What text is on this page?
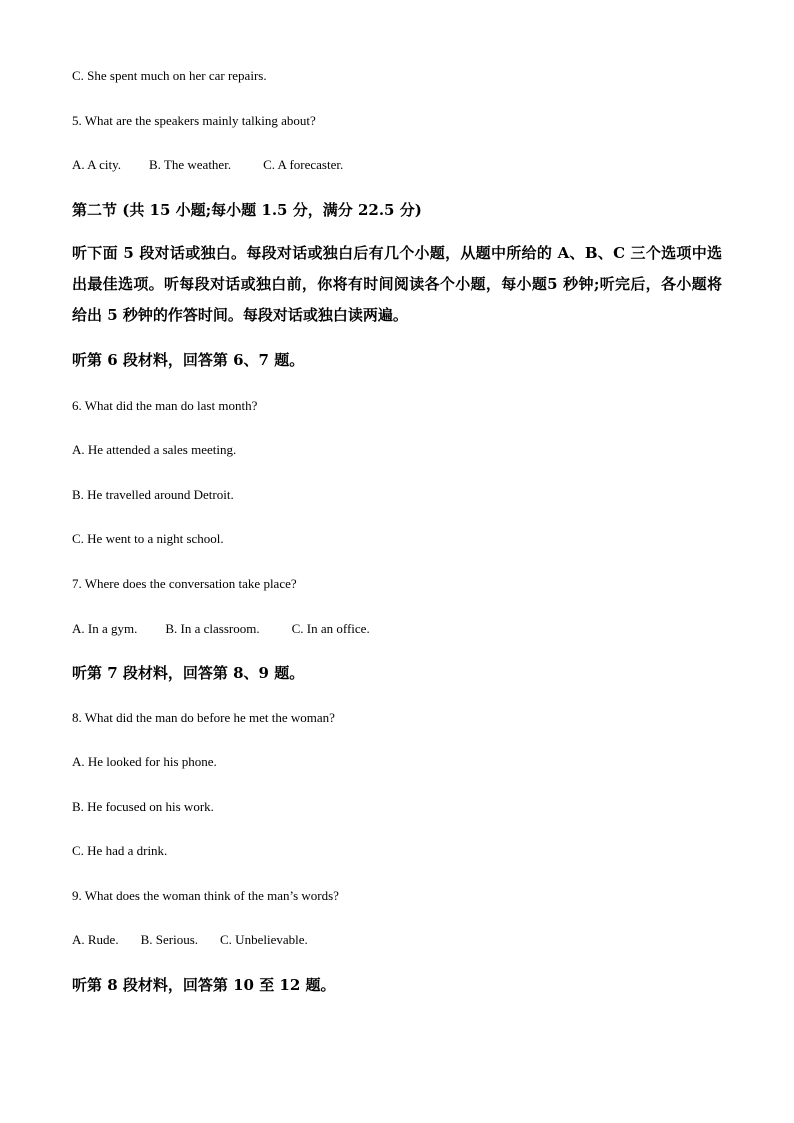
C. She spent much on her car repairs.
5. What are the speakers mainly talking about?
A. A city. B. The weather. C. A forecaster.
第二节 (共 15 小题;每小题 1.5 分，满分 22.5 分)
听下面 5 段对话或独白。每段对话或独白后有几个小题，从题中所给的 A、B、C 三个选项中选出最佳选项。听每段对话或独白前，你将有时间阅读各个小题，每小题5 秒钟;听完后，各小题将给出 5 秒钟的作答时间。每段对话或独白读两遍。
听第 6 段材料，回答第 6、7 题。
6. What did the man do last month?
A. He attended a sales meeting.
B. He travelled around Detroit.
C. He went to a night school.
7. Where does the conversation take place?
A. In a gym. B. In a classroom. C. In an office.
听第 7 段材料，回答第 8、9 题。
8. What did the man do before he met the woman?
A. He looked for his phone.
B. He focused on his work.
C. He had a drink.
9. What does the woman think of the man’s words?
A. Rude. B. Serious. C. Unbelievable.
听第 8 段材料，回答第 10 至 12 题。
